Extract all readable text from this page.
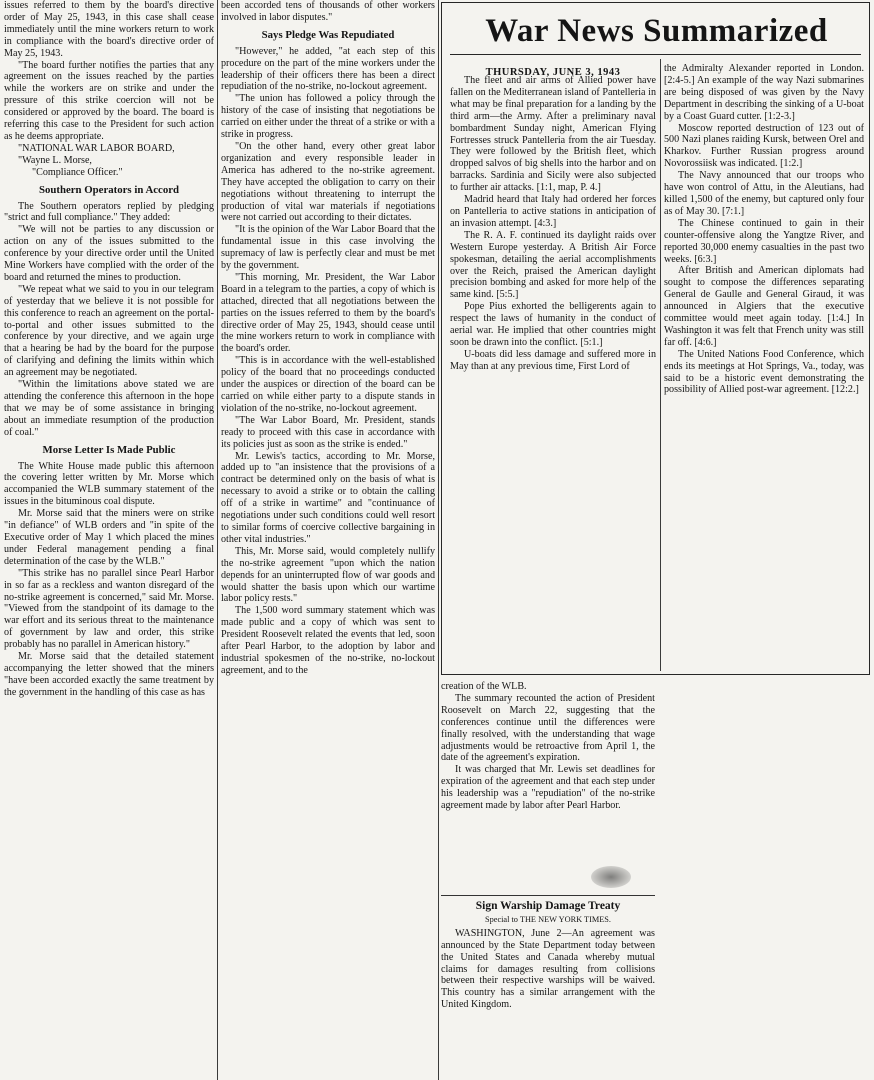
issues referred to them by the board's directive order of May 25, 1943, in this case shall cease immediately until the mine workers return to work in compliance with the board's directive order of May 25, 1943.

"The board further notifies the parties that any agreement on the issues reached by the parties while the workers are on strike and under the pressure of this strike coercion will not be considered or approved by the board. The board is referring this case to the President for such action as he deems appropriate.

"NATIONAL WAR LABOR BOARD,

"Wayne L. Morse,

"Compliance Officer."

Southern Operators in Accord

The Southern operators replied by pledging "strict and full compliance." They added:

"We will not be parties to any discussion or action on any of the issues submitted to the conference by your directive order until the United Mine Workers have complied with the order of the board and returned the mines to production.

"We repeat what we said to you in our telegram of yesterday that we believe it is not possible for this conference to reach an agreement on the portal-to-portal and other issues submitted to the conference by your directive, and we again urge that a hearing be had by the board for the purpose of clarifying and defining the limits within which an agreement may be negotiated.

"Within the limitations above stated we are attending the conference this afternoon in the hope that we may be of some assistance in bringing about an immediate resumption of the production of coal."

Morse Letter Is Made Public

The White House made public this afternoon the covering letter written by Mr. Morse which accompanied the WLB summary statement of the issues in the bituminous coal dispute.

Mr. Morse said that the miners were on strike "in defiance" of WLB orders and "in spite of the Executive order of May 1 which placed the mines under Federal management pending a final determination of the case by the WLB."

"This strike has no parallel since Pearl Harbor in so far as a reckless and wanton disregard of the no-strike agreement is concerned," said Mr. Morse. "Viewed from the standpoint of its damage to the war effort and its serious threat to the maintenance of government by law and order, this strike probably has no parallel in American history."

Mr. Morse said that the detailed statement accompanying the letter showed that the miners "have been accorded exactly the same treatment by the government in the handling of this case as has

been accorded tens of thousands of other workers involved in labor disputes."

Says Pledge Was Repudiated

"However," he added, "at each step of this procedure on the part of the mine workers under the leadership of their officers there has been a direct repudiation of the no-strike, no-lockout agreement.

"The union has followed a policy through the history of the case of insisting that negotiations be carried on either under the threat of a strike or with a strike in progress.

"On the other hand, every other great labor organization and every responsible leader in America has adhered to the no-strike agreement. They have accepted the obligation to carry on their negotiations without threatening to interrupt the production of vital war materials if negotiations were not carried out according to their dictates.

"It is the opinion of the War Labor Board that the fundamental issue in this case involving the supremacy of law is perfectly clear and must be met by the government.

"This morning, Mr. President, the War Labor Board in a telegram to the parties, a copy of which is attached, directed that all negotiations between the parties on the issues referred to them by the board's directive order of May 25, 1943, should cease until the mine workers return to work in compliance with the board's order.

"This is in accordance with the well-established policy of the board that no proceedings conducted under the auspices or direction of the board can be carried on while either party to a dispute stands in violation of the no-strike, no-lockout agreement.

"The War Labor Board, Mr. President, stands ready to proceed with this case in accordance with its policies just as soon as the strike is ended."

Mr. Lewis's tactics, according to Mr. Morse, added up to "an insistence that the provisions of a contract be determined only on the basis of what is necessary to avoid a strike or to obtain the calling off of a strike in wartime" and "continuance of negotiations under such conditions could well resort to similar forms of coercive collective bargaining in other vital industries."

This, Mr. Morse said, would completely nullify the no-strike agreement "upon which the nation depends for an uninterrupted flow of war goods and would shatter the basis upon which our wartime labor policy rests."

The 1,500 word summary statement which was made public and a copy of which was sent to President Roosevelt related the events that led, soon after Pearl Harbor, to the adoption by labor and industrial spokesmen of the no-strike, no-lockout agreement, and to the

War News Summarized
THURSDAY, JUNE 3, 1943

The fleet and air arms of Allied power have fallen on the Mediterranean island of Pantelleria in what may be final preparation for a landing by the third arm—the Army. After a preliminary naval bombardment Sunday night, American Flying Fortresses struck Pantelleria from the air Tuesday. They were followed by the British fleet, which dropped salvos of big shells into the harbor and on barracks. Sardinia and Sicily were also subjected to further air attacks. [1:1, map, P. 4.]

Madrid heard that Italy had ordered her forces on Pantelleria to active stations in anticipation of an invasion attempt. [4:3.]

The R. A. F. continued its daylight raids over Western Europe yesterday. A British Air Force spokesman, detailing the aerial accomplishments over the Reich, praised the American daylight precision bombing and asked for more help of the same kind. [5:5.]

Pope Pius exhorted the belligerents again to respect the laws of humanity in the conduct of aerial war. He implied that other countries might soon be drawn into the conflict. [5:1.]

U-boats did less damage and suffered more in May than at any previous time, First Lord of

the Admiralty Alexander reported in London. [2:4-5.] An example of the way Nazi submarines are being disposed of was given by the Navy Department in describing the sinking of a U-boat by a Coast Guard cutter. [1:2-3.]

Moscow reported destruction of 123 out of 500 Nazi planes raiding Kursk, between Orel and Kharkov. Further Russian progress around Novorossiisk was indicated. [1:2.]

The Navy announced that our troops who have won control of Attu, in the Aleutians, had killed 1,500 of the enemy, but captured only four as of May 30. [7:1.]

The Chinese continued to gain in their counter-offensive along the Yangtze River, and reported 30,000 enemy casualties in the past two weeks. [6:3.]

After British and American diplomats had sought to compose the differences separating General de Gaulle and General Giraud, it was announced in Algiers that the executive committee would meet again today. [1:4.] In Washington it was felt that French unity was still far off. [4:6.]

The United Nations Food Conference, which ends its meetings at Hot Springs, Va., today, was said to be a historic event demonstrating the possibility of Allied post-war agreement. [12:2.]

creation of the WLB.

The summary recounted the action of President Roosevelt on March 22, suggesting that the conferences continue until the differences were finally resolved, with the understanding that wage adjustments would be retroactive from April 1, the date of the agreement's expiration.

It was charged that Mr. Lewis set deadlines for expiration of the agreement and that each step under his leadership was a "repudiation" of the no-strike agreement made by labor after Pearl Harbor.

Sign Warship Damage Treaty
Special to THE NEW YORK TIMES.

WASHINGTON, June 2—An agreement was announced by the State Department today between the United States and Canada whereby mutual claims for damages resulting from collisions between their respective warships will be waived. This country has a similar arrangement with the United Kingdom.
